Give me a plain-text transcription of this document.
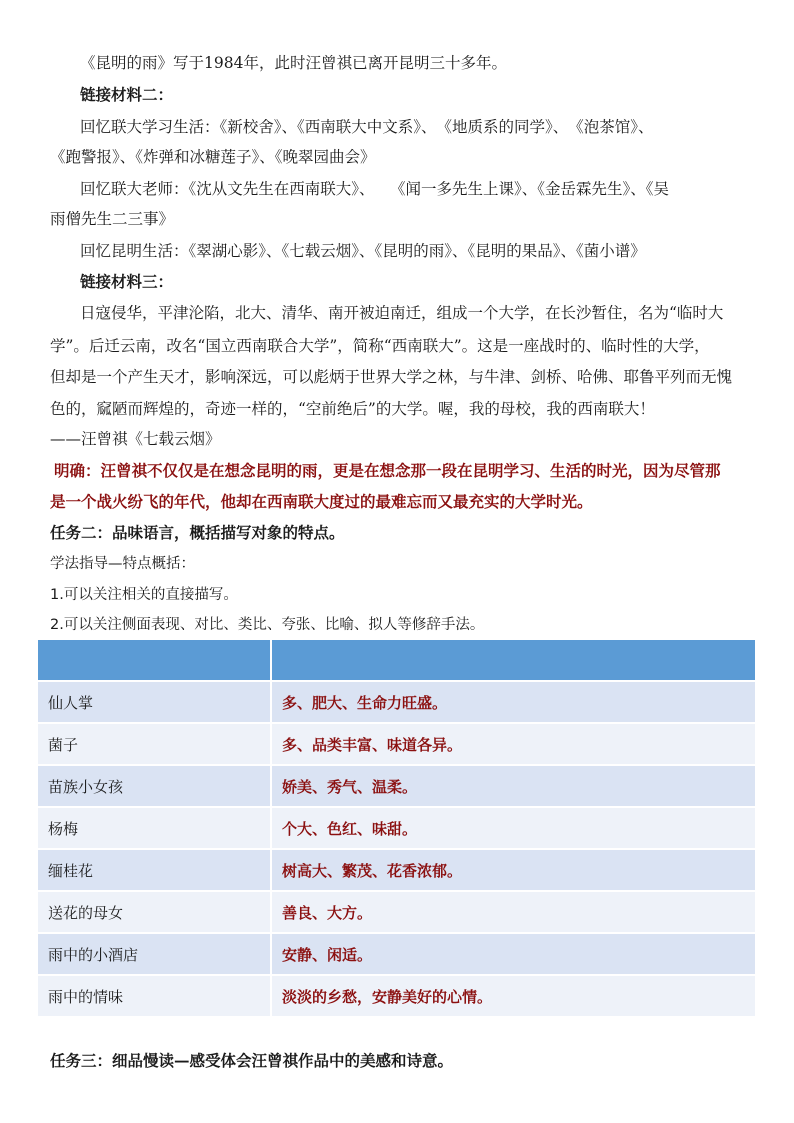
《昆明的雨》写于1984年，此时汪曾祺已离开昆明三十多年。
链接材料二：
回忆联大学习生活：《新校舍》、《西南联大中文系》、　《地质系的同学》、　《泡茶馆》、
《跑警报》、《炸弹和冰糖莲子》、《晚翠园曲会》
回忆联大老师：《沈从文先生在西南联大》、　　《闻一多先生上课》、《金岳霖先生》、《吴
雨僧先生二三事》
回忆昆明生活：《翠湖心影》、《七载云烟》、《昆明的雨》、《昆明的果品》、《菌小谱》
链接材料三：
日寇侵华，平津沦陷，北大、清华、南开被迫南迁，组成一个大学，在长沙暂住，名为“临时大
学”。后迁云南，改名“国立西南联合大学”，简称“西南联大”。这是一座战时的、临时性的大学，
但却是一个产生天才，影响深远，可以彪炳于世界大学之林，与牛津、剑桥、哈佛、耶鲁平列而无愧
色的，窳陋而辉煌的，奇迹一样的，“空前绝后”的大学。喔，我的母校，我的西南联大！
——汪曾祺《七载云烟》
明确：汪曾祺不仅仅是在想念昆明的雨，更是在想念那一段在昆明学习、生活的时光，因为尽管那
是一个战火纷飞的年代，他却在西南联大度过的最难忘而又最充实的大学时光。
任务二：品味语言，概括描写对象的特点。
学法指导—特点概括：
1.可以关注相关的直接描写。
2.可以关注侧面表现、对比、类比、夸张、比喻、拟人等修辞手法。

仙人掌	多、肥大、生命力旺盛。
菌子	多、品类丰富、味道各异。
苗族小女孩	娇美、秀气、温柔。
杨梅	个大、色红、味甜。
缅桂花	树高大、繁茂、花香浓郁。
送花的母女	善良、大方。
雨中的小酒店	安静、闲适。
雨中的情味	淡淡的乡愁，安静美好的心情。
任务三：细品慢读—感受体会汪曾祺作品中的美感和诗意。
